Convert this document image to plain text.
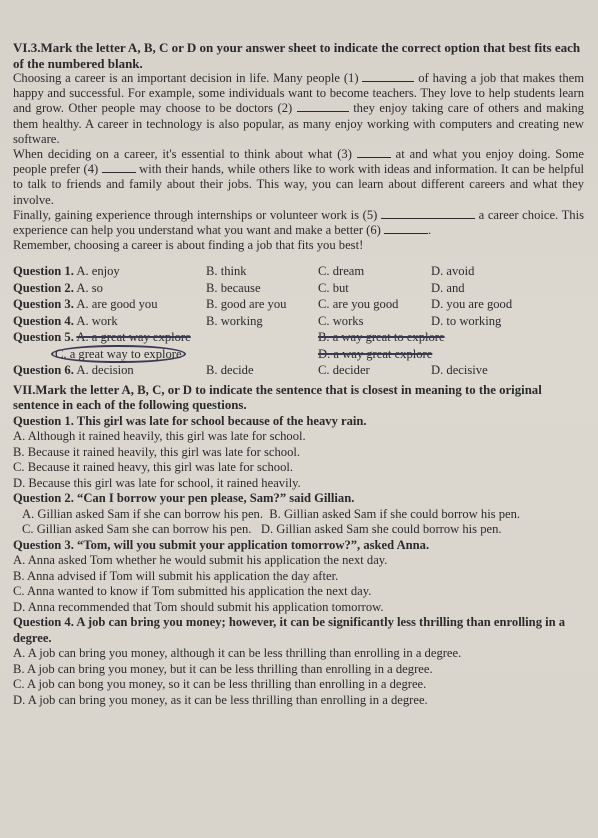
VI.3.Mark the letter A, B, C or D on your answer sheet to indicate the correct option that best fits each of the numbered blank.

Choosing a career is an important decision in life. Many people (1)	of having a job that makes them happy and successful. For example, some individuals want to become teachers. They love to help students learn and grow. Other people may choose to be doctors (2)	they enjoy taking care of others and making them healthy. A career in technology is also popular, as many enjoy working with computers and creating new software.

When deciding on a career, it's essential to think about what (3)	at and what you enjoy doing. Some people prefer (4)	with their hands, while others like to work with ideas and information. It can be helpful to talk to friends and family about their jobs. This way, you can learn about different careers and what they involve.

Finally, gaining experience through internships or volunteer work is (5)	a career choice. This experience can help you understand what you want and make a better (6)	.

Remember, choosing a career is about finding a job that fits you best!

Question 1. A. enjoy	B. think	C. dream	D. avoid
Question 2. A. so	B. because	C. but	D. and
Question 3. A. are good you	B. good are you	C. are you good	D. you are good
Question 4. A. work	B. working	C. works	D. to working
Question 5. A. a great way explore	B. a way great to explore
C. a great way to explore	D. a way great explore
Question 6. A. decision	B. decide	C. decider	D. decisive
VII.Mark the letter A, B, C, or D to indicate the sentence that is closest in meaning to the original sentence in each of the following questions.
Question 1. This girl was late for school because of the heavy rain.
A. Although it rained heavily, this girl was late for school.
B. Because it rained heavily, this girl was late for school.
C. Because it rained heavy, this girl was late for school.
D. Because this girl was late for school, it rained heavily.
Question 2. “Can I borrow your pen please, Sam?” said Gillian.
A. Gillian asked Sam if she can borrow his pen. B. Gillian asked Sam if she could borrow his pen.
C. Gillian asked Sam she can borrow his pen. D. Gillian asked Sam she could borrow his pen.
Question 3. “Tom, will you submit your application tomorrow?”, asked Anna.
A. Anna asked Tom whether he would submit his application the next day.
B. Anna advised if Tom will submit his application the day after.
C. Anna wanted to know if Tom submitted his application the next day.
D. Anna recommended that Tom should submit his application tomorrow.
Question 4. A job can bring you money; however, it can be significantly less thrilling than enrolling in a degree.
A. A job can bring you money, although it can be less thrilling than enrolling in a degree.
B. A job can bring you money, but it can be less thrilling than enrolling in a degree.
C. A job can bong you money, so it can be less thrilling than enrolling in a degree.
D. A job can bring you money, as it can be less thrilling than enrolling in a degree.
